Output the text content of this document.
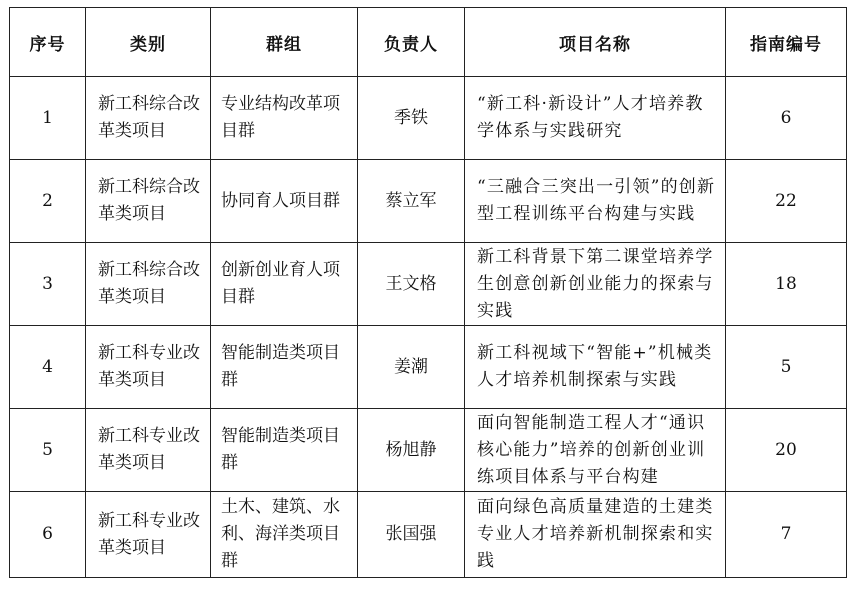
序号	类别	群组	负责人	项目名称	指南编号
1	新工科综合改革类项目	专业结构改革项目群	季铁	“新工科·新设计”人才培养教学体系与实践研究	6
2	新工科综合改革类项目	协同育人项目群	蔡立军	“三融合三突出一引领”的创新型工程训练平台构建与实践	22
3	新工科综合改革类项目	创新创业育人项目群	王文格	新工科背景下第二课堂培养学生创意创新创业能力的探索与实践	18
4	新工科专业改革类项目	智能制造类项目群	姜潮	新工科视域下“智能+”机械类人才培养机制探索与实践	5
5	新工科专业改革类项目	智能制造类项目群	杨旭静	面向智能制造工程人才“通识核心能力”培养的创新创业训练项目体系与平台构建	20
6	新工科专业改革类项目	土木、建筑、水利、海洋类项目群	张国强	面向绿色高质量建造的土建类专业人才培养新机制探索和实践	7
